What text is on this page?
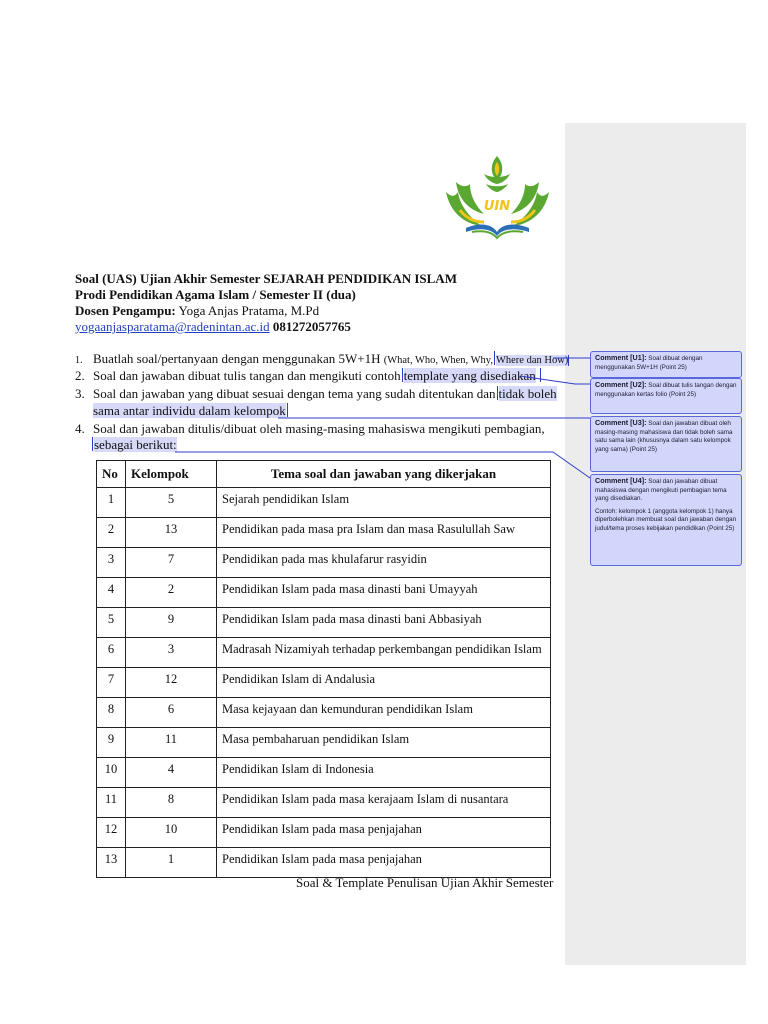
UIN
Soal (UAS) Ujian Akhir Semester SEJARAH PENDIDIKAN ISLAM
Prodi Pendidikan Agama Islam / Semester II (dua)
Dosen Pengampu: Yoga Anjas Pratama, M.Pd
yogaanjasparatama@radenintan.ac.id 081272057765
1. Buatlah soal/pertanyaan dengan menggunakan 5W+1H (What, Who, When, Why, Where dan How)
2. Soal dan jawaban dibuat tulis tangan dan mengikuti contoh template yang disediakan
3. Soal dan jawaban yang dibuat sesuai dengan tema yang sudah ditentukan dan tidak boleh
sama antar individu dalam kelompok
4. Soal dan jawaban ditulis/dibuat oleh masing-masing mahasiswa mengikuti pembagian,
sebagai berikut:
No	Kelompok	Tema soal dan jawaban yang dikerjakan
1	5	Sejarah pendidikan Islam
2	13	Pendidikan pada masa pra Islam dan masa Rasulullah Saw
3	7	Pendidikan pada mas khulafarur rasyidin
4	2	Pendidikan Islam pada masa dinasti bani Umayyah
5	9	Pendidikan Islam pada masa dinasti bani Abbasiyah
6	3	Madrasah Nizamiyah terhadap perkembangan pendidikan Islam
7	12	Pendidikan Islam di Andalusia
8	6	Masa kejayaan dan kemunduran pendidikan Islam
9	11	Masa pembaharuan pendidikan Islam
10	4	Pendidikan Islam di Indonesia
11	8	Pendidikan Islam pada masa kerajaam Islam di nusantara
12	10	Pendidikan Islam pada masa penjajahan
13	1	Pendidikan Islam pada masa penjajahan
Soal & Template Penulisan Ujian Akhir Semester
Comment [U1]: Soal dibuat dengan menggunakan 5W+1H (Point 25)
Comment [U2]: Soal dibuat tulis tangan dengan menggunakan kertas folio (Point 25)
Comment [U3]: Soal dan jawaban dibuat oleh masing-masing mahasiswa dan tidak boleh sama satu sama lain (khususnya dalam satu kelompok yang sama) (Point 25)
Comment [U4]: Soal dan jawaban dibuat mahasiswa dengan mengikuti pembagian tema yang disediakan.

Contoh: kelompok 1 (anggota kelompok 1) hanya diperbolehkan membuat soal dan jawaban dengan judul/tema proses kebijakan pendidikan (Point 25)
